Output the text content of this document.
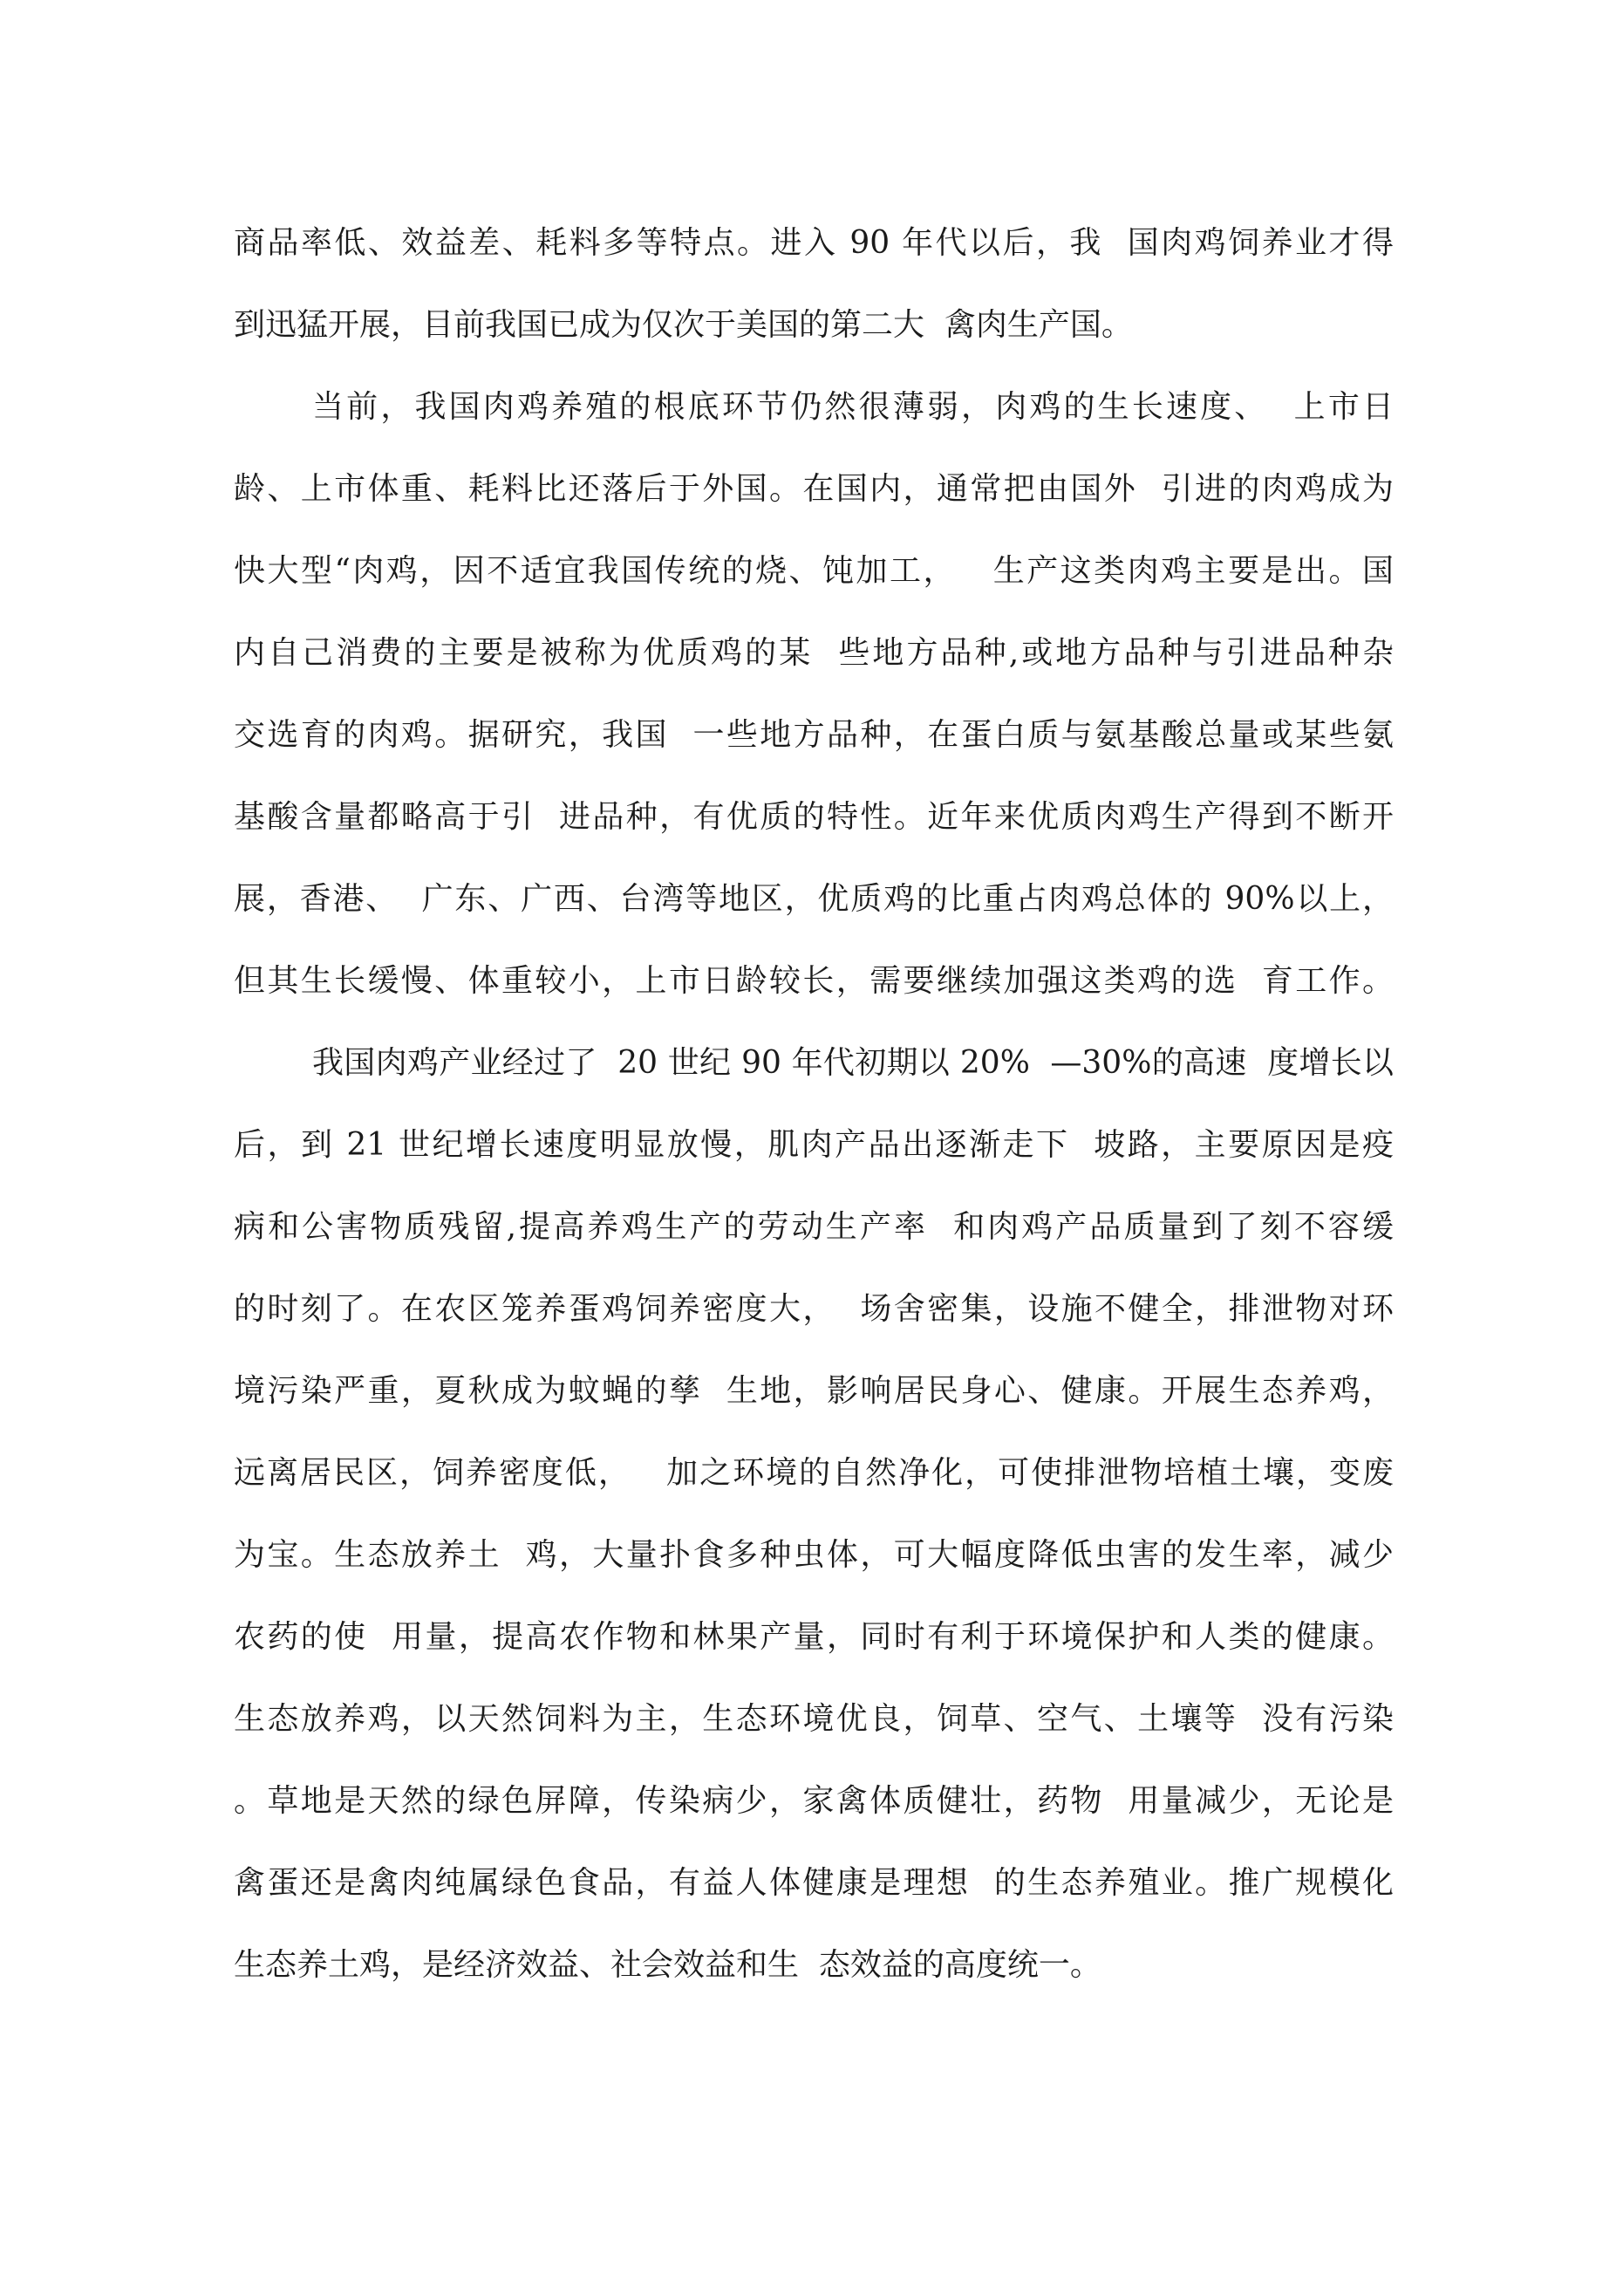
商品率低、效益差、耗料多等特点。进入 90 年代以后，我  国肉鸡饲养业才得
到迅猛开展，目前我国已成为仅次于美国的第二大  禽肉生产国。
当前，我国肉鸡养殖的根底环节仍然很薄弱，肉鸡的生长速度、  上市日
龄、上市体重、耗料比还落后于外国。在国内，通常把由国外  引进的肉鸡成为
快大型“肉鸡，因不适宜我国传统的烧、饨加工，   生产这类肉鸡主要是出。国
内自己消费的主要是被称为优质鸡的某  些地方品种,或地方品种与引进品种杂
交选育的肉鸡。据研究，我国  一些地方品种，在蛋白质与氨基酸总量或某些氨
基酸含量都略高于引  进品种，有优质的特性。近年来优质肉鸡生产得到不断开
展，香港、  广东、广西、台湾等地区，优质鸡的比重占肉鸡总体的 90%以上，
但其生长缓慢、体重较小，上市日龄较长，需要继续加强这类鸡的选  育工作。
我国肉鸡产业经过了  20 世纪 90 年代初期以 20%  —30%的高速  度增长以
后，到 21 世纪增长速度明显放慢，肌肉产品出逐渐走下  坡路，主要原因是疫
病和公害物质残留,提高养鸡生产的劳动生产率  和肉鸡产品质量到了刻不容缓
的时刻了。在农区笼养蛋鸡饲养密度大，  场舍密集，设施不健全，排泄物对环
境污染严重，夏秋成为蚊蝇的孳  生地，影响居民身心、健康。开展生态养鸡，
远离居民区，饲养密度低，   加之环境的自然净化，可使排泄物培植土壤，变废
为宝。生态放养土  鸡，大量扑食多种虫体，可大幅度降低虫害的发生率，减少
农药的使  用量，提高农作物和林果产量，同时有利于环境保护和人类的健康。
生态放养鸡，以天然饲料为主，生态环境优良，饲草、空气、土壤等  没有污染
。草地是天然的绿色屏障，传染病少，家禽体质健壮，药物  用量减少，无论是
禽蛋还是禽肉纯属绿色食品，有益人体健康是理想  的生态养殖业。推广规模化
生态养土鸡，是经济效益、社会效益和生  态效益的高度统一。
